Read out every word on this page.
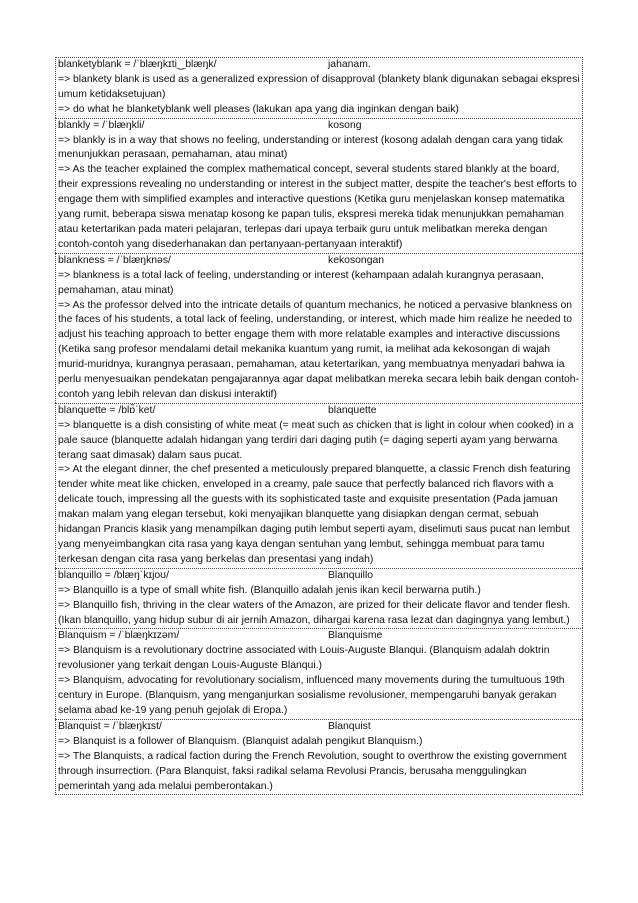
blanketyblank = /ˈblæŋkɪti‿blæŋk/	jahanam.

=> blankety blank is used as a generalized expression of disapproval (blankety blank digunakan sebagai ekspresi umum ketidaksetujuan)

=> do what he blanketyblank well pleases (lakukan apa yang dia inginkan dengan baik)

blankly = /ˈblæŋkli/	kosong

=> blankly is in a way that shows no feeling, understanding or interest (kosong adalah dengan cara yang tidak menunjukkan perasaan, pemahaman, atau minat)

=> As the teacher explained the complex mathematical concept, several students stared blankly at the board, their expressions revealing no understanding or interest in the subject matter, despite the teacher's best efforts to engage them with simplified examples and interactive questions (Ketika guru menjelaskan konsep matematika yang rumit, beberapa siswa menatap kosong ke papan tulis, ekspresi mereka tidak menunjukkan pemahaman atau ketertarikan pada materi pelajaran, terlepas dari upaya terbaik guru untuk melibatkan mereka dengan contoh-contoh yang disederhanakan dan pertanyaan-pertanyaan interaktif)

blankness = /ˈblæŋknəs/	kekosongan

=> blankness is a total lack of feeling, understanding or interest (kehampaan adalah kurangnya perasaan, pemahaman, atau minat)

=> As the professor delved into the intricate details of quantum mechanics, he noticed a pervasive blankness on the faces of his students, a total lack of feeling, understanding, or interest, which made him realize he needed to adjust his teaching approach to better engage them with more relatable examples and interactive discussions (Ketika sang profesor mendalami detail mekanika kuantum yang rumit, ia melihat ada kekosongan di wajah murid-muridnya, kurangnya perasaan, pemahaman, atau ketertarikan, yang membuatnya menyadari bahwa ia perlu menyesuaikan pendekatan pengajarannya agar dapat melibatkan mereka secara lebih baik dengan contoh-contoh yang lebih relevan dan diskusi interaktif)

blanquette = /blɒ̃ˈket/	blanquette

=> blanquette is a dish consisting of white meat (= meat such as chicken that is light in colour when cooked) in a pale sauce (blanquette adalah hidangan yang terdiri dari daging putih (= daging seperti ayam yang berwarna terang saat dimasak) dalam saus pucat.

=> At the elegant dinner, the chef presented a meticulously prepared blanquette, a classic French dish featuring tender white meat like chicken, enveloped in a creamy, pale sauce that perfectly balanced rich flavors with a delicate touch, impressing all the guests with its sophisticated taste and exquisite presentation (Pada jamuan makan malam yang elegan tersebut, koki menyajikan blanquette yang disiapkan dengan cermat, sebuah hidangan Prancis klasik yang menampilkan daging putih lembut seperti ayam, diselimuti saus pucat nan lembut yang menyeimbangkan cita rasa yang kaya dengan sentuhan yang lembut, sehingga membuat para tamu terkesan dengan cita rasa yang berkelas dan presentasi yang indah)

blanquillo = /blæŋˈkɪjoʊ/	Blanquillo

=> Blanquillo is a type of small white fish. (Blanquillo adalah jenis ikan kecil berwarna putih.)

=> Blanquillo fish, thriving in the clear waters of the Amazon, are prized for their delicate flavor and tender flesh. (Ikan blanquillo, yang hidup subur di air jernih Amazon, dihargai karena rasa lezat dan dagingnya yang lembut.)

Blanquism = /ˈblæŋkɪzəm/	Blanquisme

=> Blanquism is a revolutionary doctrine associated with Louis-Auguste Blanqui. (Blanquism adalah doktrin revolusioner yang terkait dengan Louis-Auguste Blanqui.)

=> Blanquism, advocating for revolutionary socialism, influenced many movements during the tumultuous 19th century in Europe. (Blanquism, yang menganjurkan sosialisme revolusioner, mempengaruhi banyak gerakan selama abad ke-19 yang penuh gejolak di Eropa.)

Blanquist = /ˈblæŋkɪst/	Blanquist

=> Blanquist is a follower of Blanquism. (Blanquist adalah pengikut Blanquism.)

=> The Blanquists, a radical faction during the French Revolution, sought to overthrow the existing government through insurrection. (Para Blanquist, faksi radikal selama Revolusi Prancis, berusaha menggulingkan pemerintah yang ada melalui pemberontakan.)
